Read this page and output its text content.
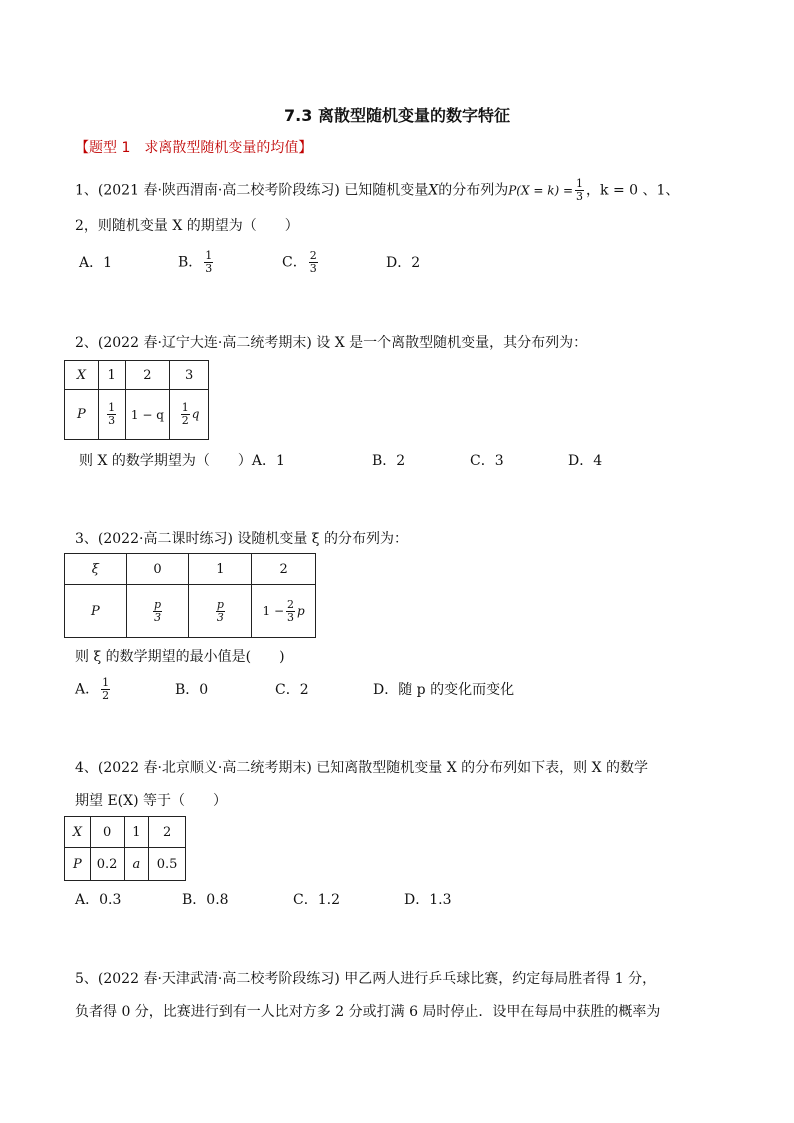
7.3 离散型随机变量的数字特征
【题型 1　求离散型随机变量的均值】
1、(2021 春·陕西渭南·高二校考阶段练习) 已知随机变量X的分布列为$P(X = k) = \frac{1}{3}$ ，k = 0 、1、
2，则随机变量 X 的期望为（　　）
A．1	B． $\frac{1}{3}$	C． $\frac{2}{3}$	D．2
2、(2022 春·辽宁大连·高二统考期末) 设 X 是一个离散型随机变量，其分布列为：
X	1	2	3
P	$\frac{1}{3}$	1 − q	$\frac{1}{2}$ q
则 X 的数学期望为（　　）A．1	B．2	C．3	D．4
3、(2022·高二课时练习) 设随机变量 ξ 的分布列为：
ξ	0	1	2
P	$\frac{p}{3}$	$\frac{p}{3}$	$1 - \frac{2}{3}$ p
则 ξ 的数学期望的最小值是(　　)
A． $\frac{1}{2}$	B．0	C．2	D．随 p 的变化而变化
4、(2022 春·北京顺义·高二统考期末) 已知离散型随机变量 X 的分布列如下表，则 X 的数学
期望 E(X) 等于（　　）
X	0	1	2
P	0.2	a	0.5
A．0.3	B．0.8	C．1.2	D．1.3
5、(2022 春·天津武清·高二校考阶段练习) 甲乙两人进行乒乓球比赛，约定每局胜者得 1 分，
负者得 0 分，比赛进行到有一人比对方多 2 分或打满 6 局时停止．设甲在每局中获胜的概率为
